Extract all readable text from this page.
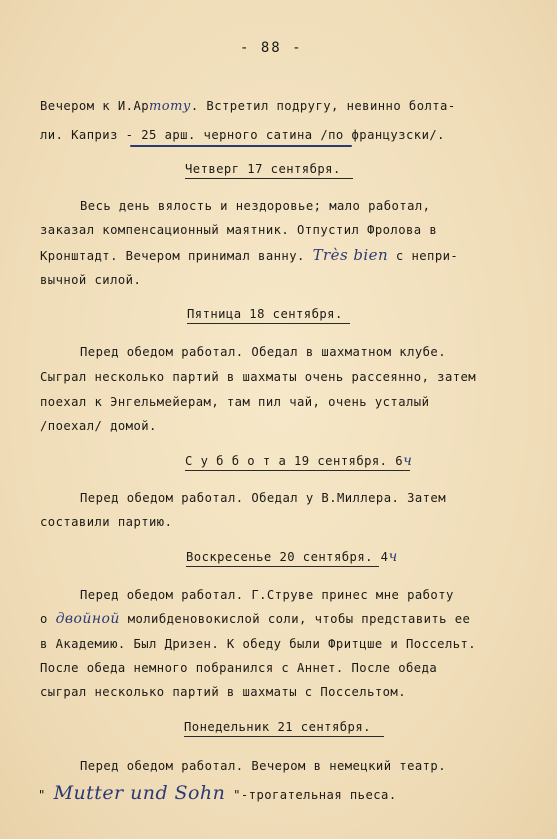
- 88 -
Вечером к И.Артоту. Встретил подругу, невинно болта-
ли. Каприз - 25 арш. черного сатина /по французски/.
Четверг 17 сентября.
Весь день вялость и нездоровье; мало работал,
заказал компенсационный маятник. Отпустил Фролова в
Кронштадт. Вечером принимал ванну. Très bien с непри-
вычной силой.
Пятница 18 сентября.
Перед обедом работал. Обедал в шахматном клубе.
Сыграл несколько партий в шахматы очень рассеянно, затем
поехал к Энгельмейерам, там пил чай, очень усталый
/поехал/ домой.
С у б б о т а 19 сентября. 6ч
Перед обедом работал. Обедал у В.Миллера. Затем
составили партию.
Воскресенье 20 сентября. 4ч
Перед обедом работал. Г.Струве принес мне работу
о двойной молибденовокислой соли, чтобы представить ее
в Академию. Был Дризен. К обеду были Фритцше и Поссельт.
После обеда немного побранился с Аннет. После обеда
сыграл несколько партий в шахматы с Поссельтом.
Понедельник 21 сентября.
Перед обедом работал. Вечером в немецкий театр.
" Mutter und Sohn "-трогательная пьеса.
